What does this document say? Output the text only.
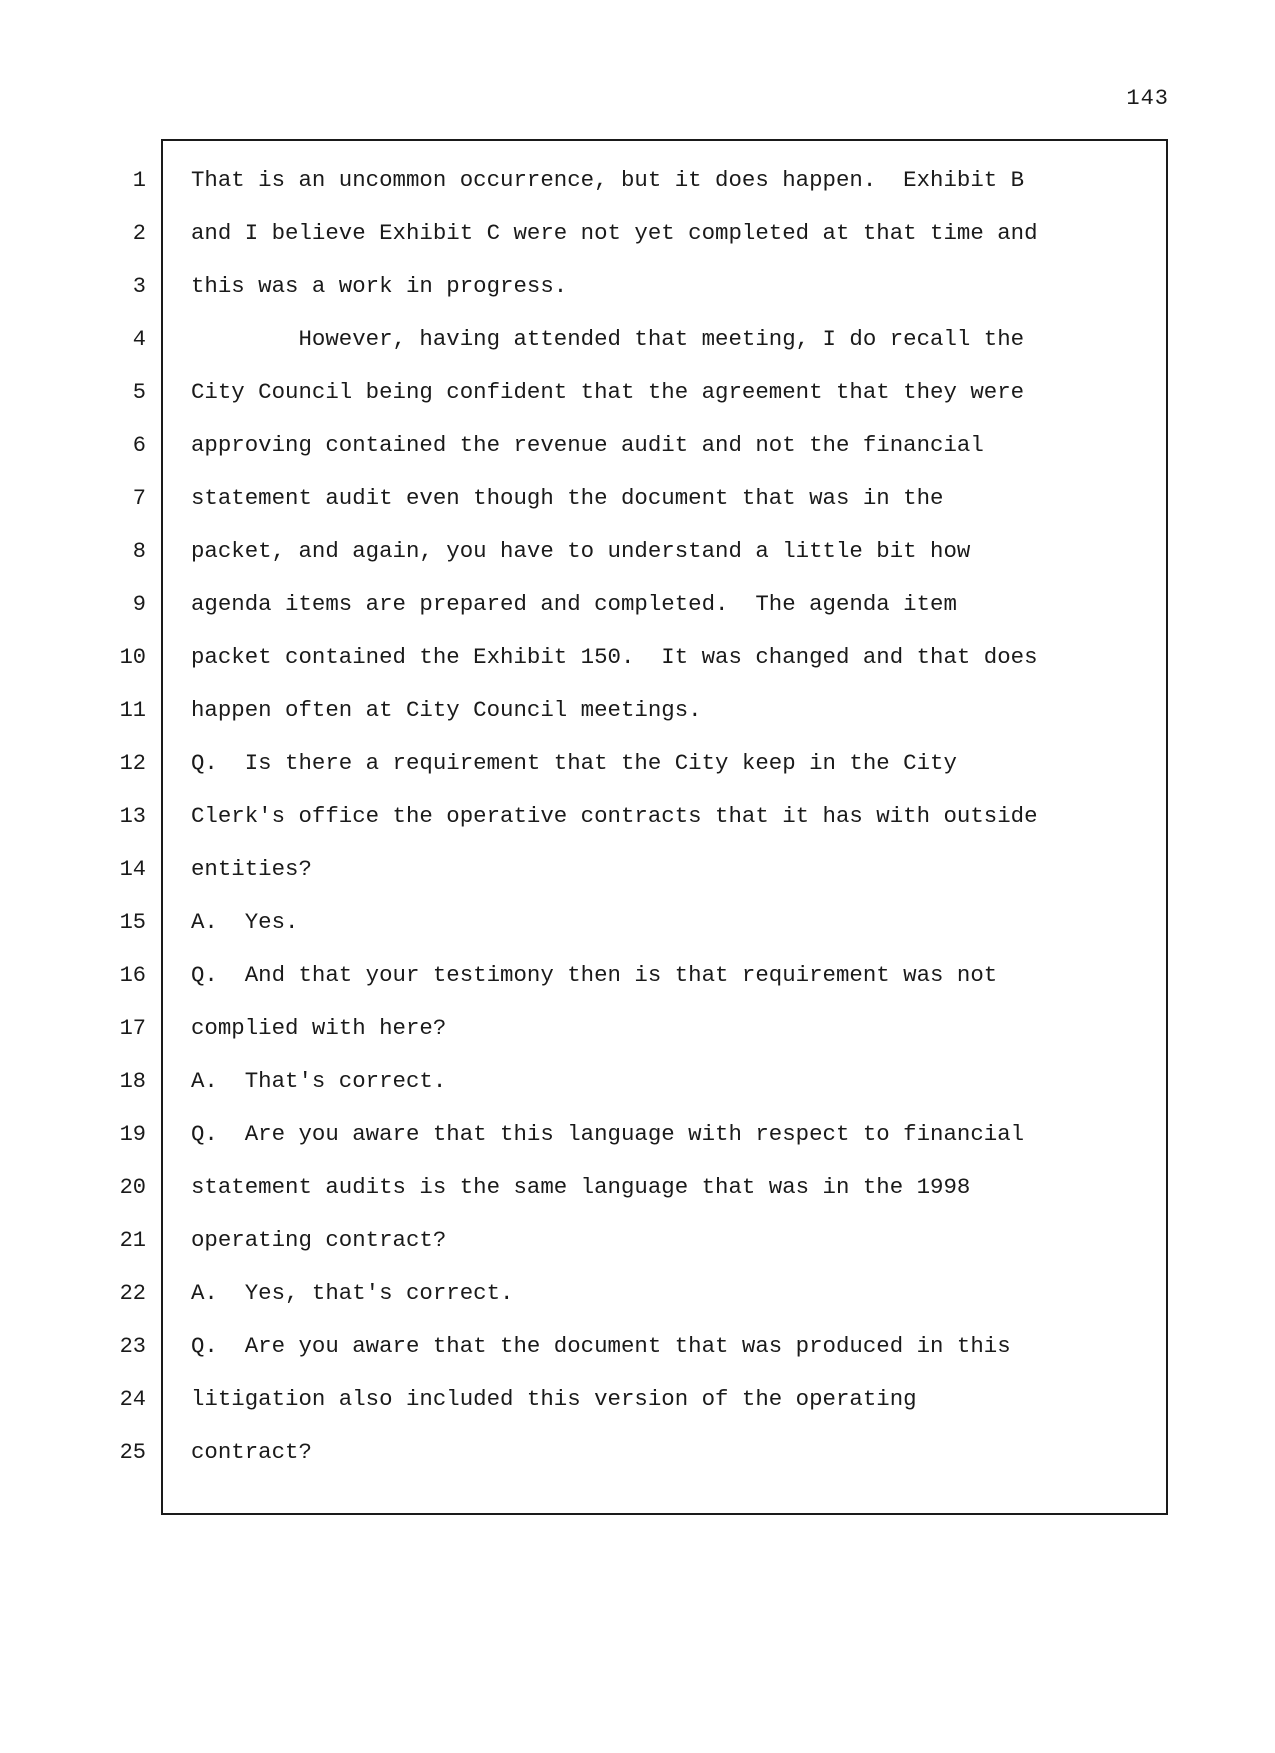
143
1
2
3
4
5
6
7
8
9
10
11
12
13
14
15
16
17
18
19
20
21
22
23
24
25
That is an uncommon occurrence, but it does happen.  Exhibit B
and I believe Exhibit C were not yet completed at that time and
this was a work in progress.
However, having attended that meeting, I do recall the
City Council being confident that the agreement that they were
approving contained the revenue audit and not the financial
statement audit even though the document that was in the
packet, and again, you have to understand a little bit how
agenda items are prepared and completed.  The agenda item
packet contained the Exhibit 150.  It was changed and that does
happen often at City Council meetings.
Q.  Is there a requirement that the City keep in the City
Clerk's office the operative contracts that it has with outside
entities?
A.  Yes.
Q.  And that your testimony then is that requirement was not
complied with here?
A.  That's correct.
Q.  Are you aware that this language with respect to financial
statement audits is the same language that was in the 1998
operating contract?
A.  Yes, that's correct.
Q.  Are you aware that the document that was produced in this
litigation also included this version of the operating
contract?
